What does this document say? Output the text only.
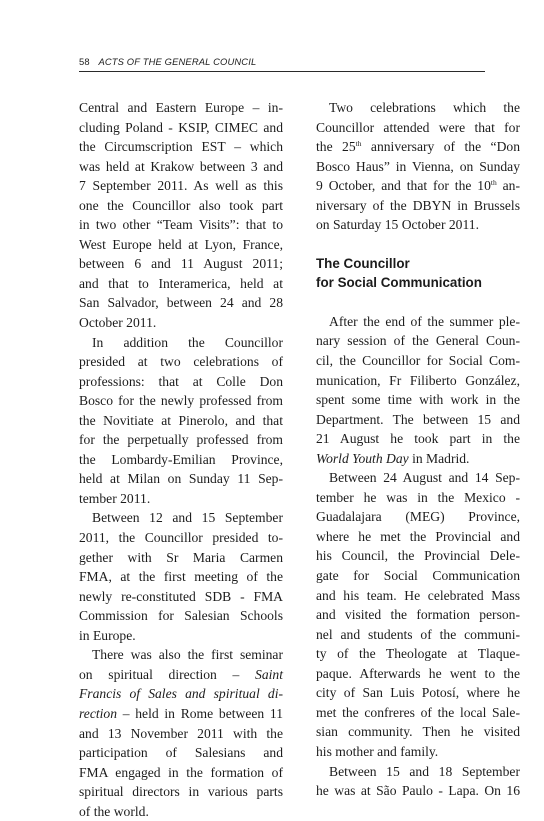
58 ACTS OF THE GENERAL COUNCIL
Central and Eastern Europe – in-
cluding Poland - KSIP, CIMEC and
the Circumscription EST – which
was held at Krakow between 3 and
7 September 2011. As well as this
one the Councillor also took part
in two other “Team Visits”: that to
West Europe held at Lyon, France,
between 6 and 11 August 2011;
and that to Interamerica, held at
San Salvador, between 24 and 28
October 2011.
In addition the Councillor
presided at two celebrations of
professions: that at Colle Don
Bosco for the newly professed from
the Novitiate at Pinerolo, and that
for the perpetually professed from
the Lombardy-Emilian Province,
held at Milan on Sunday 11 Sep-
tember 2011.
Between 12 and 15 September
2011, the Councillor presided to-
gether with Sr Maria Carmen
FMA, at the first meeting of the
newly re-constituted SDB - FMA
Commission for Salesian Schools
in Europe.
There was also the first seminar
on spiritual direction – Saint
Francis of Sales and spiritual di-
rection – held in Rome between 11
and 13 November 2011 with the
participation of Salesians and
FMA engaged in the formation of
spiritual directors in various parts
of the world.
Two celebrations which the
Councillor attended were that for
the 25th anniversary of the “Don
Bosco Haus” in Vienna, on Sunday
9 October, and that for the 10th an-
niversary of the DBYN in Brussels
on Saturday 15 October 2011.
The Councillor
for Social Communication
After the end of the summer ple-
nary session of the General Coun-
cil, the Councillor for Social Com-
munication, Fr Filiberto González,
spent some time with work in the
Department. The between 15 and
21 August he took part in the
World Youth Day in Madrid.
Between 24 August and 14 Sep-
tember he was in the Mexico -
Guadalajara (MEG) Province,
where he met the Provincial and
his Council, the Provincial Dele-
gate for Social Communication
and his team. He celebrated Mass
and visited the formation person-
nel and students of the communi-
ty of the Theologate at Tlaque-
paque. Afterwards he went to the
city of San Luis Potosí, where he
met the confreres of the local Sale-
sian community. Then he visited
his mother and family.
Between 15 and 18 September
he was at São Paulo - Lapa. On 16
